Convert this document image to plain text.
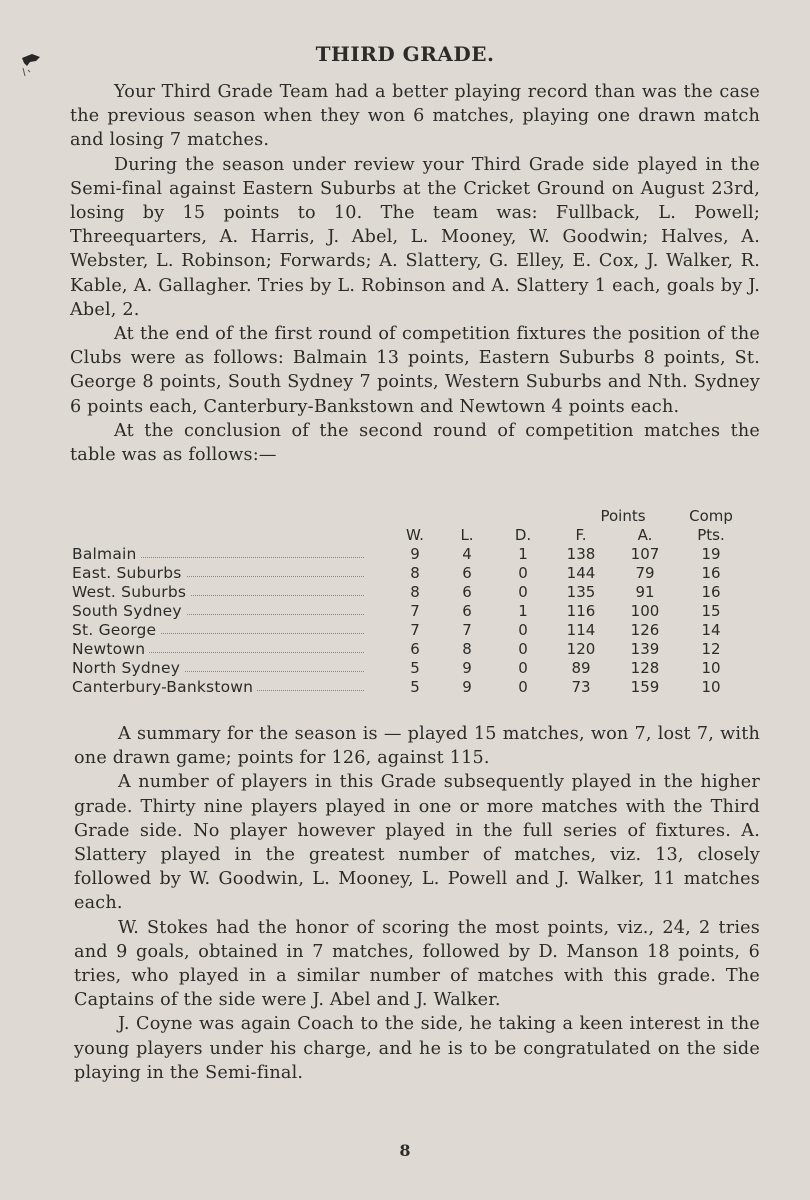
THIRD GRADE.

Your Third Grade Team had a better playing record than was the case the previous season when they won 6 matches, playing one drawn match and losing 7 matches.

During the season under review your Third Grade side played in the Semi-final against Eastern Suburbs at the Cricket Ground on August 23rd, losing by 15 points to 10. The team was: Fullback, L. Powell; Threequarters, A. Harris, J. Abel, L. Mooney, W. Goodwin; Halves, A. Webster, L. Robinson; Forwards; A. Slattery, G. Elley, E. Cox, J. Walker, R. Kable, A. Gallagher. Tries by L. Robinson and A. Slattery 1 each, goals by J. Abel, 2.

At the end of the first round of competition fixtures the position of the Clubs were as follows: Balmain 13 points, Eastern Suburbs 8 points, St. George 8 points, South Sydney 7 points, Western Suburbs and Nth. Sydney 6 points each, Canterbury-Bankstown and Newtown 4 points each.

At the conclusion of the second round of competition matches the table was as follows:—

Points	Comp
W.	L.	D.	F.	A.	Pts.
Balmain	9	4	1	138	107	19
East. Suburbs	8	6	0	144	79	16
West. Suburbs	8	6	0	135	91	16
South Sydney	7	6	1	116	100	15
St. George	7	7	0	114	126	14
Newtown	6	8	0	120	139	12
North Sydney	5	9	0	89	128	10
Canterbury-Bankstown	5	9	0	73	159	10

A summary for the season is — played 15 matches, won 7, lost 7, with one drawn game; points for 126, against 115.

A number of players in this Grade subsequently played in the higher grade. Thirty nine players played in one or more matches with the Third Grade side. No player however played in the full series of fixtures. A. Slattery played in the greatest number of matches, viz. 13, closely followed by W. Goodwin, L. Mooney, L. Powell and J. Walker, 11 matches each.

W. Stokes had the honor of scoring the most points, viz., 24, 2 tries and 9 goals, obtained in 7 matches, followed by D. Manson 18 points, 6 tries, who played in a similar number of matches with this grade. The Captains of the side were J. Abel and J. Walker.

J. Coyne was again Coach to the side, he taking a keen interest in the young players under his charge, and he is to be congratulated on the side playing in the Semi-final.

8
